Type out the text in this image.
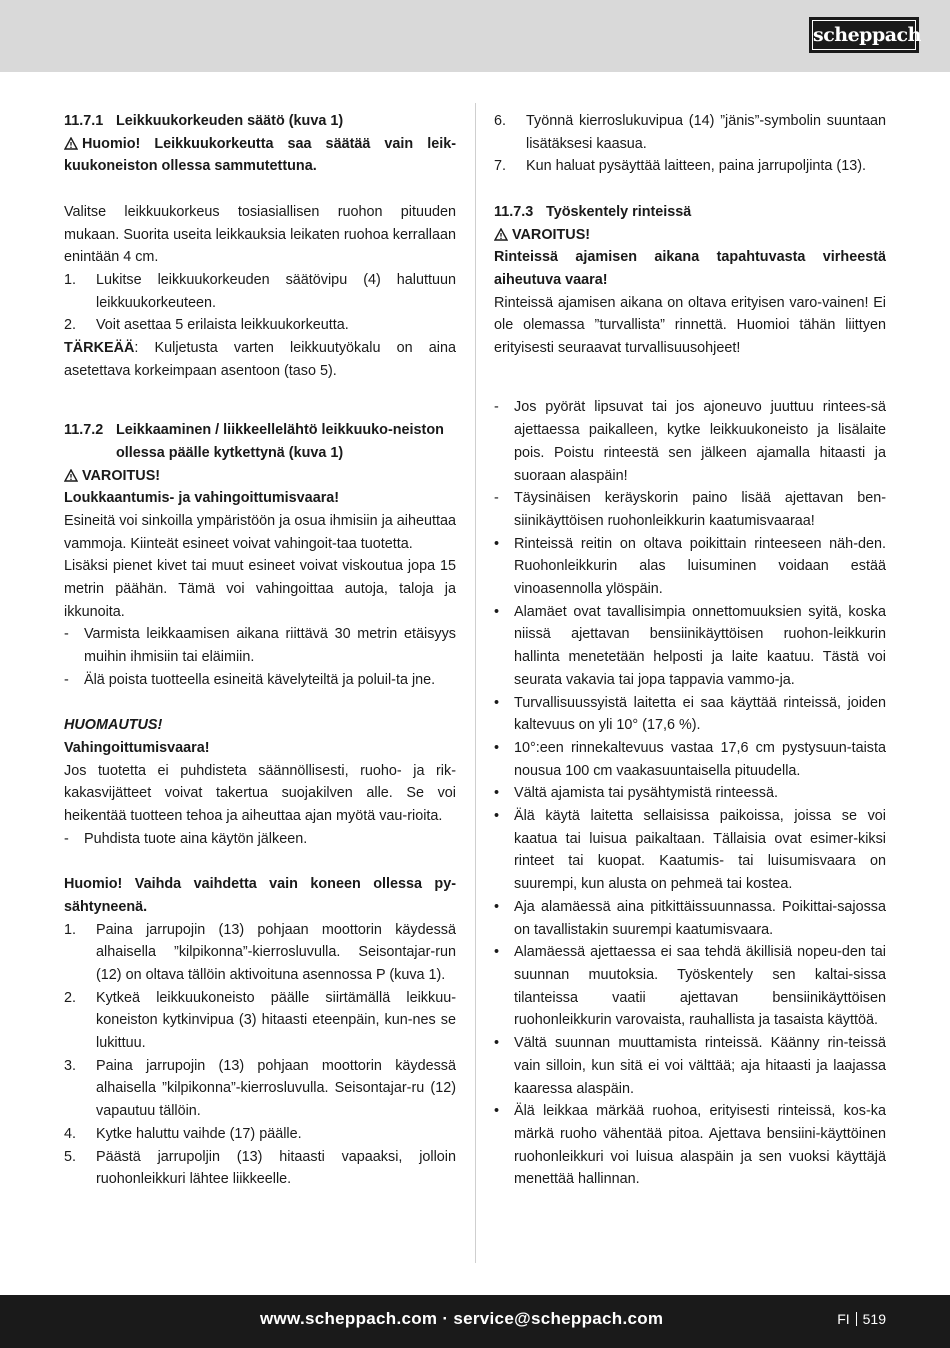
scheppach
11.7.1 Leikkuukorkeuden säätö (kuva 1)

Huomio! Leikkuukorkeutta saa säätää vain leik-kuukoneiston ollessa sammutettuna.

Valitse leikkuukorkeus tosiasiallisen ruohon pituuden mukaan. Suorita useita leikkauksia leikaten ruohoa kerrallaan enintään 4 cm.

1. Lukitse leikkuukorkeuden säätövipu (4) haluttuun leikkuukorkeuteen.
2. Voit asettaa 5 erilaista leikkuukorkeutta.

TÄRKEÄÄ: Kuljetusta varten leikkuutyökalu on aina asetettava korkeimpaan asentoon (taso 5).

11.7.2 Leikkaaminen / liikkeellelähtö leikkuuko-neiston ollessa päälle kytkettynä (kuva 1)

VAROITUS!

Loukkaantumis- ja vahingoittumisvaara!

Esineitä voi sinkoilla ympäristöön ja osua ihmisiin ja aiheuttaa vammoja. Kiinteät esineet voivat vahingoit-taa tuotetta.

Lisäksi pienet kivet tai muut esineet voivat viskoutua jopa 15 metrin päähän. Tämä voi vahingoittaa autoja, taloja ja ikkunoita.

- Varmista leikkaamisen aikana riittävä 30 metrin etäisyys muihin ihmisiin tai eläimiin.
- Älä poista tuotteella esineitä kävelyteiltä ja poluil-ta jne.

HUOMAUTUS!

Vahingoittumisvaara!

Jos tuotetta ei puhdisteta säännöllisesti, ruoho- ja rik-kakasvijätteet voivat takertua suojakilven alle. Se voi heikentää tuotteen tehoa ja aiheuttaa ajan myötä vau-rioita.

- Puhdista tuote aina käytön jälkeen.

Huomio! Vaihda vaihdetta vain koneen ollessa py-sähtyneenä.

1. Paina jarrupojin (13) pohjaan moottorin käydessä alhaisella ”kilpikonna”-kierrosluvulla. Seisontajar-run (12) on oltava tällöin aktivoituna asennossa P (kuva 1).
2. Kytkeä leikkuukoneisto päälle siirtämällä leikkuu-koneiston kytkinvipua (3) hitaasti eteenpäin, kun-nes se lukittuu.
3. Paina jarrupojin (13) pohjaan moottorin käydessä alhaisella ”kilpikonna”-kierrosluvulla. Seisontajar-ru (12) vapautuu tällöin.
4. Kytke haluttu vaihde (17) päälle.
5. Päästä jarrupoljin (13) hitaasti vapaaksi, jolloin ruohonleikkuri lähtee liikkeelle.
6. Työnnä kierroslukuvipua (14) ”jänis”-symbolin suuntaan lisätäksesi kaasua.
7. Kun haluat pysäyttää laitteen, paina jarrupoljinta (13).
11.7.3 Työskentely rinteissä

VAROITUS!

Rinteissä ajamisen aikana tapahtuvasta virheestä aiheutuva vaara!

Rinteissä ajamisen aikana on oltava erityisen varo-vainen! Ei ole olemassa ”turvallista” rinnettä. Huomioi tähän liittyen erityisesti seuraavat turvallisuusohjeet!

- Jos pyörät lipsuvat tai jos ajoneuvo juuttuu rintees-sä ajettaessa paikalleen, kytke leikkuukoneisto ja lisälaite pois. Poistu rinteestä sen jälkeen ajamalla hitaasti ja suoraan alaspäin!
- Täysinäisen keräyskorin paino lisää ajettavan ben-siinikäyttöisen ruohonleikkurin kaatumisvaaraa!
• Rinteissä reitin on oltava poikittain rinteeseen näh-den. Ruohonleikkurin alas luisuminen voidaan estää vinoasennolla ylöspäin.
• Alamäet ovat tavallisimpia onnettomuuksien syitä, koska niissä ajettavan bensiinikäyttöisen ruohon-leikkurin hallinta menetetään helposti ja laite kaatuu. Tästä voi seurata vakavia tai jopa tappavia vammo-ja.
• Turvallisuussyistä laitetta ei saa käyttää rinteissä, joiden kaltevuus on yli 10° (17,6 %).
• 10°:een rinnekaltevuus vastaa 17,6 cm pystysuun-taista nousua 100 cm vaakasuuntaisella pituudella.
• Vältä ajamista tai pysähtymistä rinteessä.
• Älä käytä laitetta sellaisissa paikoissa, joissa se voi kaatua tai luisua paikaltaan. Tällaisia ovat esimer-kiksi rinteet tai kuopat. Kaatumis- tai luisumisvaara on suurempi, kun alusta on pehmeä tai kostea.
• Aja alamäessä aina pitkittäissuunnassa. Poikittai-sajossa on tavallistakin suurempi kaatumisvaara.
• Alamäessä ajettaessa ei saa tehdä äkillisiä nopeu-den tai suunnan muutoksia. Työskentely sen kaltai-sissa tilanteissa vaatii ajettavan bensiinikäyttöisen ruohonleikkurin varovaista, rauhallista ja tasaista käyttöä.
• Vältä suunnan muuttamista rinteissä. Käänny rin-teissä vain silloin, kun sitä ei voi välttää; aja hitaasti ja laajassa kaaressa alaspäin.
• Älä leikkaa märkää ruohoa, erityisesti rinteissä, kos-ka märkä ruoho vähentää pitoa. Ajettava bensiini-käyttöinen ruohonleikkuri voi luisua alaspäin ja sen vuoksi käyttäjä menettää hallinnan.
www.scheppach.com · service@scheppach.com	FI 519
